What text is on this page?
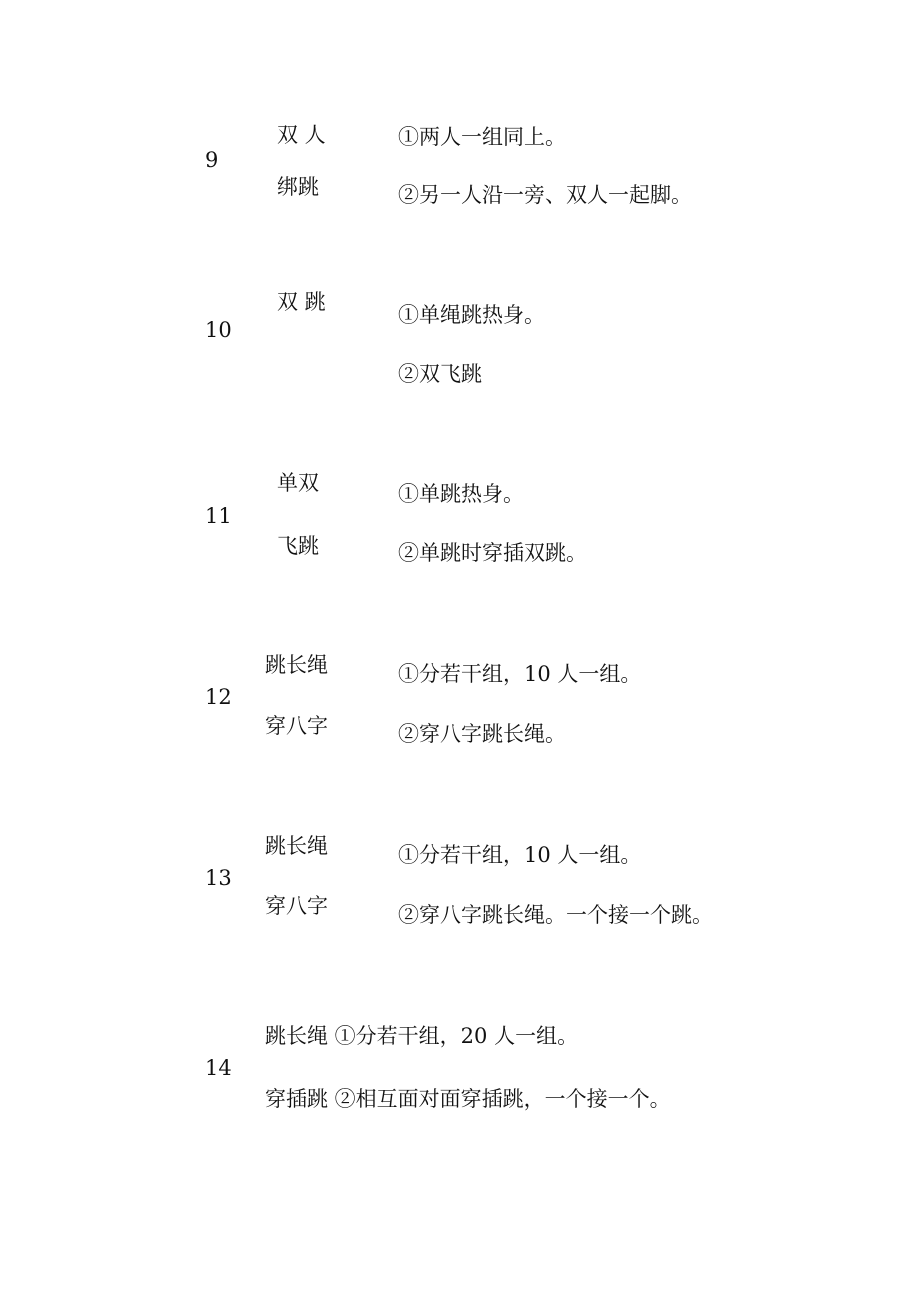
9
双 人
绑跳
①两人一组同上。
②另一人沿一旁、双人一起脚。
10
双 跳
①单绳跳热身。
②双飞跳
11
单双
飞跳
①单跳热身。
②单跳时穿插双跳。
12
跳长绳
穿八字
①分若干组，10 人一组。
②穿八字跳长绳。
13
跳长绳
穿八字
①分若干组，10 人一组。
②穿八字跳长绳。一个接一个跳。
14
跳长绳 ①分若干组，20 人一组。
穿插跳 ②相互面对面穿插跳，一个接一个。
